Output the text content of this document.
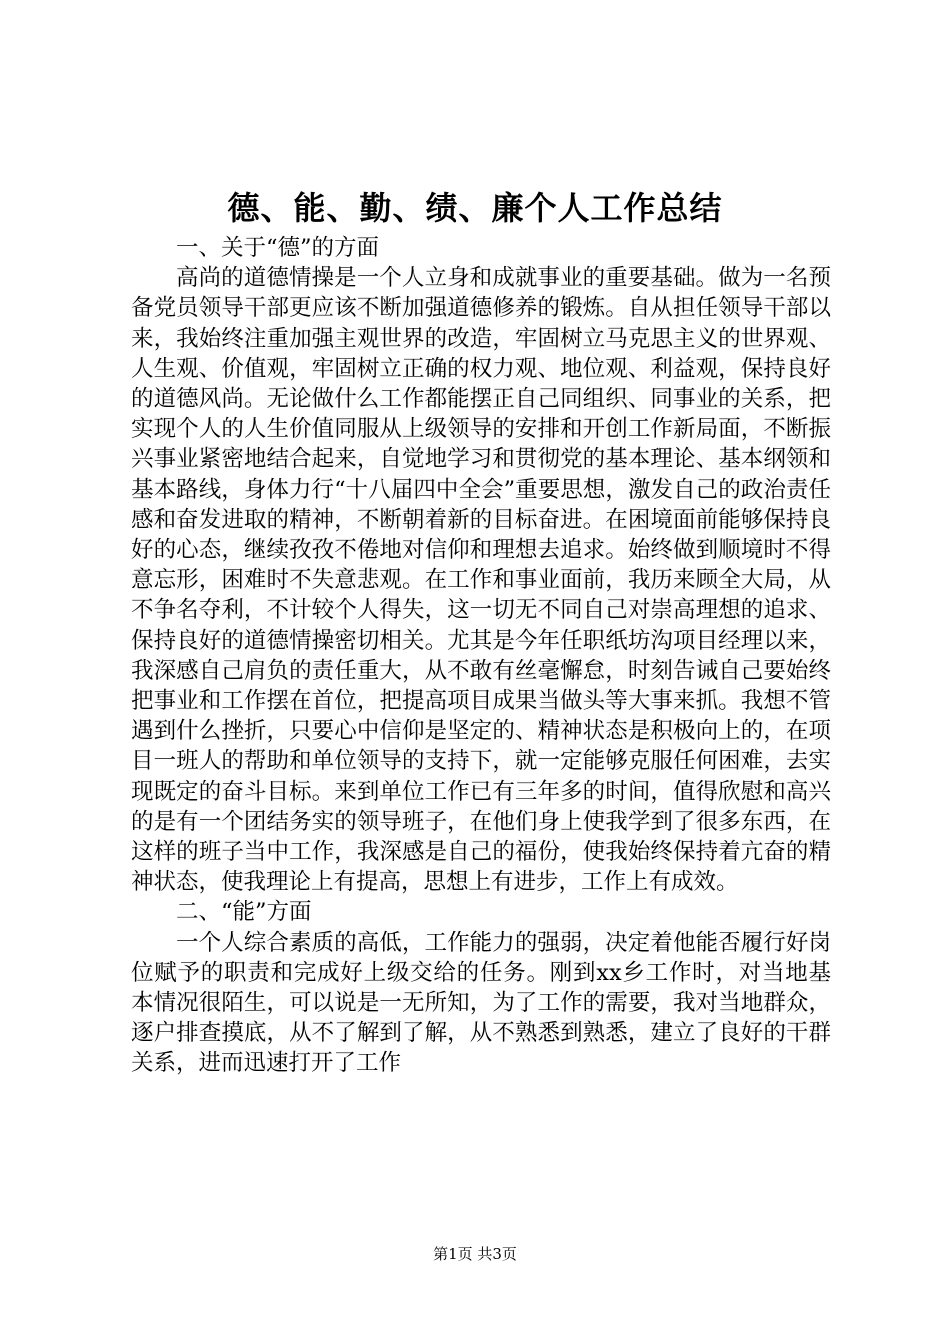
德、能、勤、绩、廉个人工作总结

一、关于“德”的方面

高尚的道德情操是一个人立身和成就事业的重要基础。做为一名预备党员领导干部更应该不断加强道德修养的锻炼。自从担任领导干部以来，我始终注重加强主观世界的改造，牢固树立马克思主义的世界观、人生观、价值观，牢固树立正确的权力观、地位观、利益观，保持良好的道德风尚。无论做什么工作都能摆正自己同组织、同事业的关系，把实现个人的人生价值同服从上级领导的安排和开创工作新局面，不断振兴事业紧密地结合起来，自觉地学习和贯彻党的基本理论、基本纲领和基本路线，身体力行“十八届四中全会”重要思想，激发自己的政治责任感和奋发进取的精神，不断朝着新的目标奋进。在困境面前能够保持良好的心态，继续孜孜不倦地对信仰和理想去追求。始终做到顺境时不得意忘形，困难时不失意悲观。在工作和事业面前，我历来顾全大局，从不争名夺利，不计较个人得失，这一切无不同自己对崇高理想的追求、保持良好的道德情操密切相关。尤其是今年任职纸坊沟项目经理以来，我深感自己肩负的责任重大，从不敢有丝毫懈怠，时刻告诫自己要始终把事业和工作摆在首位，把提高项目成果当做头等大事来抓。我想不管遇到什么挫折，只要心中信仰是坚定的、精神状态是积极向上的，在项目一班人的帮助和单位领导的支持下，就一定能够克服任何困难，去实现既定的奋斗目标。来到单位工作已有三年多的时间，值得欣慰和高兴的是有一个团结务实的领导班子，在他们身上使我学到了很多东西，在这样的班子当中工作，我深感是自己的福份，使我始终保持着亢奋的精神状态，使我理论上有提高，思想上有进步，工作上有成效。

二、“能”方面

一个人综合素质的高低，工作能力的强弱，决定着他能否履行好岗位赋予的职责和完成好上级交给的任务。刚到xx乡工作时，对当地基本情况很陌生，可以说是一无所知，为了工作的需要，我对当地群众，逐户排查摸底，从不了解到了解，从不熟悉到熟悉，建立了良好的干群关系，进而迅速打开了工作

第1页 共3页
